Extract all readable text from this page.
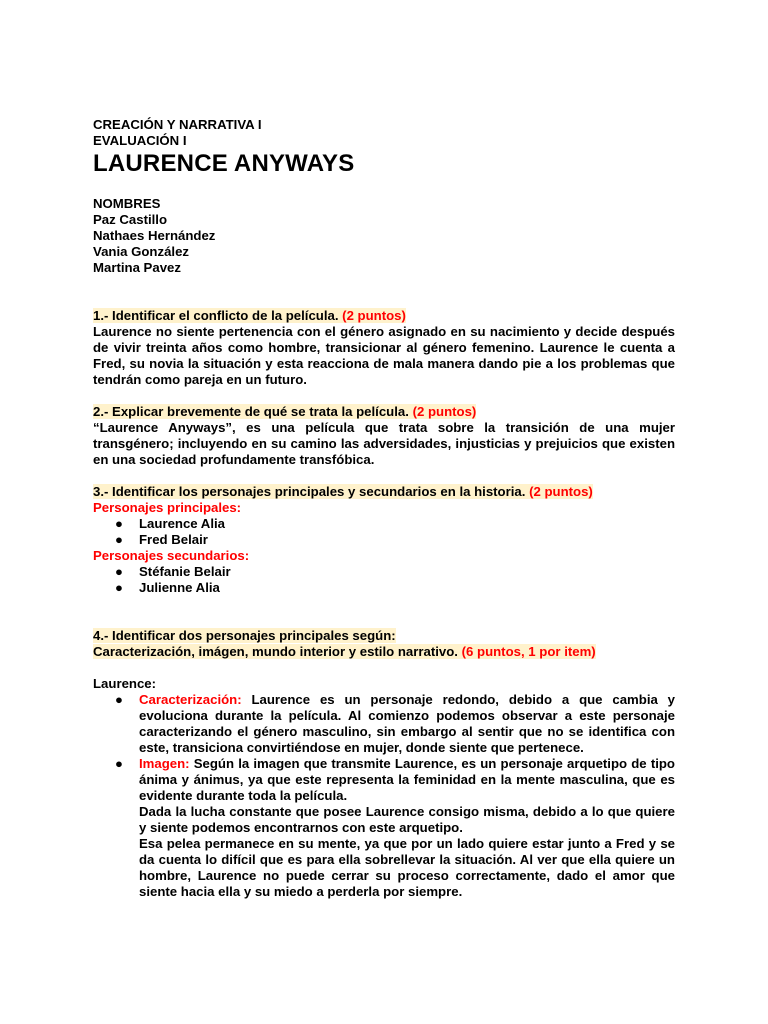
CREACIÓN Y NARRATIVA I
EVALUACIÓN I
LAURENCE ANYWAYS
NOMBRES
Paz Castillo
Nathaes Hernández
Vania González
Martina Pavez

1.- Identificar el conflicto de la película. (2 puntos)

Laurence no siente pertenencia con el género asignado en su nacimiento y decide después de vivir treinta años como hombre, transicionar al género femenino. Laurence le cuenta a Fred, su novia la situación y esta reacciona de mala manera dando pie a los problemas que tendrán como pareja en un futuro.

2.- Explicar brevemente de qué se trata la película. (2 puntos)

“Laurence Anyways”, es una película que trata sobre la transición de una mujer transgénero; incluyendo en su camino las adversidades, injusticias y prejuicios que existen en una sociedad profundamente transfóbica.

3.- Identificar los personajes principales y secundarios en la historia. (2 puntos)

Personajes principales:

● Laurence Alia
● Fred Belair

Personajes secundarios:

● Stéfanie Belair
● Julienne Alia

4.- Identificar dos personajes principales según:

Caracterización, imágen, mundo interior y estilo narrativo. (6 puntos, 1 por item)

Laurence:

● Caracterización: Laurence es un personaje redondo, debido a que cambia y evoluciona durante la película. Al comienzo podemos observar a este personaje caracterizando el género masculino, sin embargo al sentir que no se identifica con este, transiciona convirtiéndose en mujer, donde siente que pertenece.

● Imagen: Según la imagen que transmite Laurence, es un personaje arquetipo de tipo ánima y ánimus, ya que este representa la feminidad en la mente masculina, que es evidente durante toda la película.

Dada la lucha constante que posee Laurence consigo misma, debido a lo que quiere y siente podemos encontrarnos con este arquetipo.

Esa pelea permanece en su mente, ya que por un lado quiere estar junto a Fred y se da cuenta lo difícil que es para ella sobrellevar la situación. Al ver que ella quiere un hombre, Laurence no puede cerrar su proceso correctamente, dado el amor que siente hacia ella y su miedo a perderla por siempre.
